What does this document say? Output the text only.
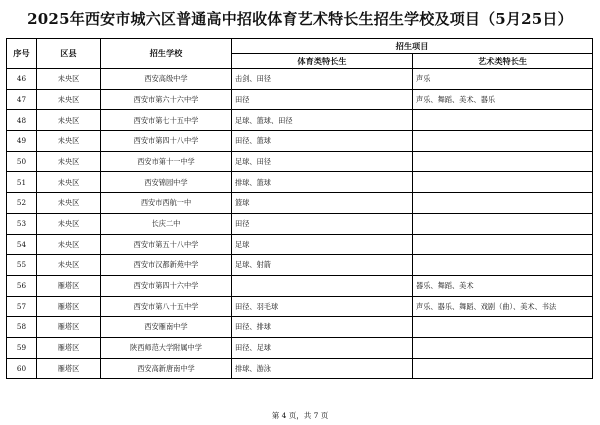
2025年西安市城六区普通高中招收体育艺术特长生招生学校及项目（5月25日）
序号	区县	招生学校	招生项目	
			体育类特长生	艺术类特长生
46	未央区	西安高级中学	击剑、田径	声乐
47	未央区	西安市第六十六中学	田径	声乐、舞蹈、美术、器乐
48	未央区	西安市第七十五中学	足球、篮球、田径	
49	未央区	西安市第四十八中学	田径、篮球	
50	未央区	西安市第十一中学	足球、田径	
51	未央区	西安锦园中学	排球、篮球	
52	未央区	西安市西航一中	篮球	
53	未央区	长庆二中	田径	
54	未央区	西安市第五十八中学	足球	
55	未央区	西安市汉都新苑中学	足球、射箭	
56	雁塔区	西安市第四十六中学		器乐、舞蹈、美术
57	雁塔区	西安市第八十五中学	田径、羽毛球	声乐、器乐、舞蹈、戏剧（曲）、美术、书法
58	雁塔区	西安雁南中学	田径、排球	
59	雁塔区	陕西师范大学附属中学	田径、足球	
60	雁塔区	西安高新唐南中学	排球、游泳	
第 4 页，共 7 页
